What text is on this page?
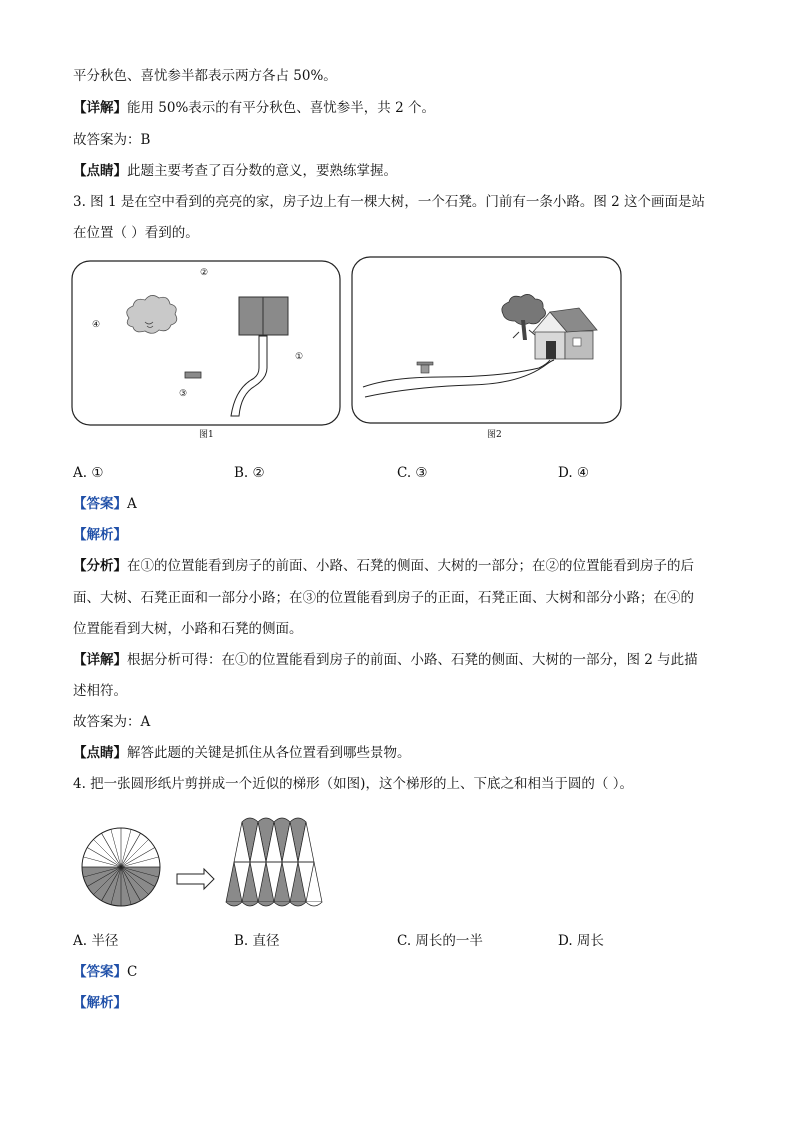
平分秋色、喜忧参半都表示两方各占 50%。
【详解】能用 50%表示的有平分秋色、喜忧参半，共 2 个。
故答案为：B
【点睛】此题主要考查了百分数的意义，要熟练掌握。
3. 图 1 是在空中看到的亮亮的家，房子边上有一棵大树，一个石凳。门前有一条小路。图 2 这个画面是站
在位置（ ）看到的。
②
④
①
③
图1	图2
A. ①	B. ②	C. ③	D. ④
【答案】A
【解析】
【分析】在①的位置能看到房子的前面、小路、石凳的侧面、大树的一部分；在②的位置能看到房子的后
面、大树、石凳正面和一部分小路；在③的位置能看到房子的正面，石凳正面、大树和部分小路；在④的
位置能看到大树，小路和石凳的侧面。
【详解】根据分析可得：在①的位置能看到房子的前面、小路、石凳的侧面、大树的一部分，图 2 与此描
述相符。
故答案为：A
【点睛】解答此题的关键是抓住从各位置看到哪些景物。
4. 把一张圆形纸片剪拼成一个近似的梯形（如图)，这个梯形的上、下底之和相当于圆的（ ）。
A. 半径	B. 直径	C. 周长的一半	D. 周长
【答案】C
【解析】
